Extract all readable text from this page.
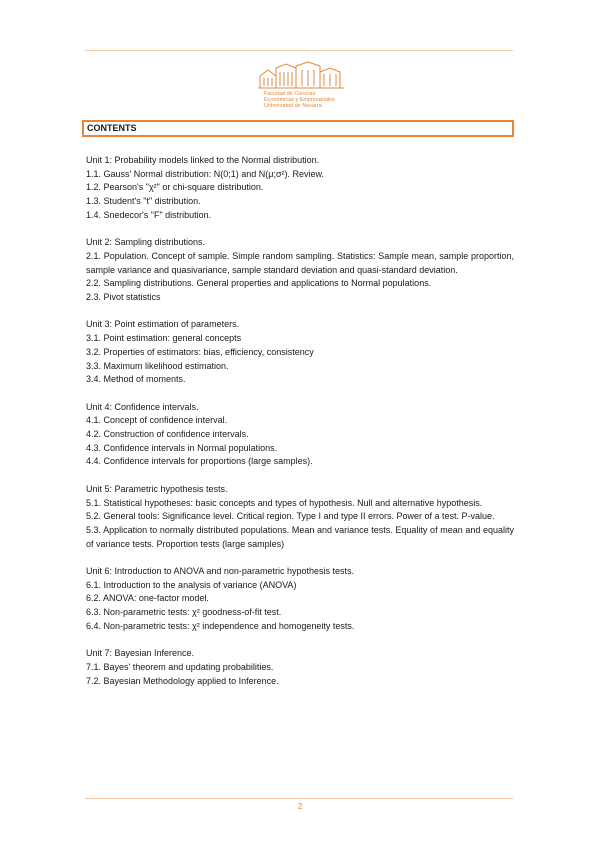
Facultad de Ciencias
Económicas y Empresariales
Universidad de Navarra
CONTENTS
Unit 1: Probability models linked to the Normal distribution.
1.1. Gauss' Normal distribution: N(0;1) and N(μ;σ²). Review.
1.2. Pearson's "χ²" or chi-square distribution.
1.3. Student's "t" distribution.
1.4. Snedecor's "F" distribution.
Unit 2: Sampling distributions.
2.1. Population. Concept of sample. Simple random sampling. Statistics: Sample mean, sample proportion, sample variance and quasivariance, sample standard deviation and quasi-standard deviation.
2.2. Sampling distributions. General properties and applications to Normal populations.
2.3. Pivot statistics
Unit 3: Point estimation of parameters.
3.1. Point estimation: general concepts
3.2. Properties of estimators: bias, efficiency, consistency
3.3. Maximum likelihood estimation.
3.4. Method of moments.
Unit 4: Confidence intervals.
4.1. Concept of confidence interval.
4.2. Construction of confidence intervals.
4.3. Confidence intervals in Normal populations.
4.4. Confidence intervals for proportions (large samples).
Unit 5: Parametric hypothesis tests.
5.1. Statistical hypotheses: basic concepts and types of hypothesis. Null and alternative hypothesis.
5.2. General tools: Significance level. Critical region. Type I and type II errors. Power of a test. P-value.
5.3. Application to normally distributed populations. Mean and variance tests. Equality of mean and equality of variance tests. Proportion tests (large samples)
Unit 6: Introduction to ANOVA and non-parametric hypothesis tests.
6.1. Introduction to the analysis of variance (ANOVA)
6.2. ANOVA: one-factor model.
6.3. Non-parametric tests: χ² goodness-of-fit test.
6.4. Non-parametric tests: χ² independence and homogeneity tests.
Unit 7: Bayesian Inference.
7.1. Bayes' theorem and updating probabilities.
7.2. Bayesian Methodology applied to Inference.
2
